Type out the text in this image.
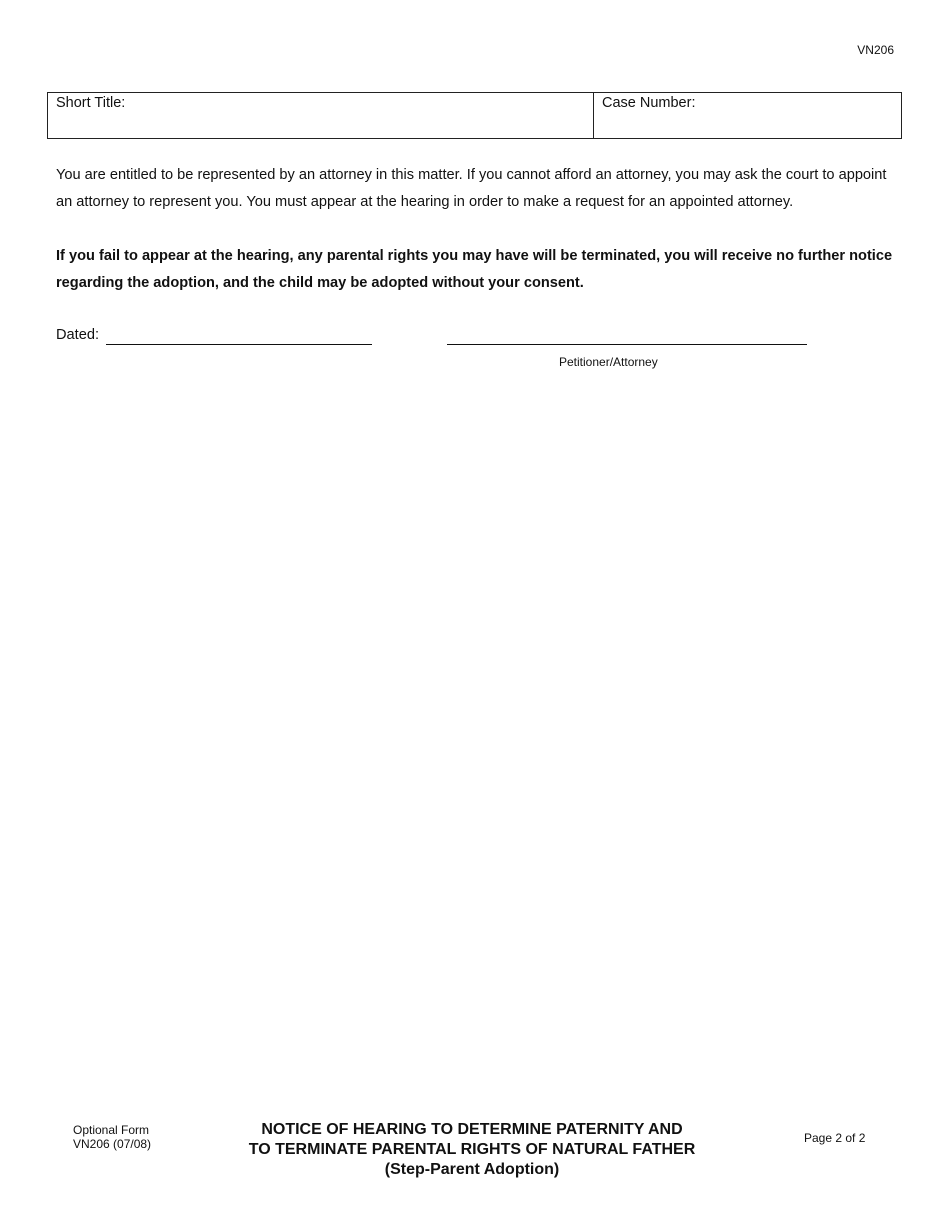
VN206
Short Title:	Case Number:

You are entitled to be represented by an attorney in this matter. If you cannot afford an attorney, you may ask the court to appoint an attorney to represent you. You must appear at the hearing in order to make a request for an appointed attorney.

If you fail to appear at the hearing, any parental rights you may have will be terminated, you will receive no further notice regarding the adoption, and the child may be adopted without your consent.

Dated:
Petitioner/Attorney
Optional Form
VN206 (07/08)
NOTICE OF HEARING TO DETERMINE PATERNITY AND
TO TERMINATE PARENTAL RIGHTS OF NATURAL FATHER
(Step-Parent Adoption)
Page 2 of 2
